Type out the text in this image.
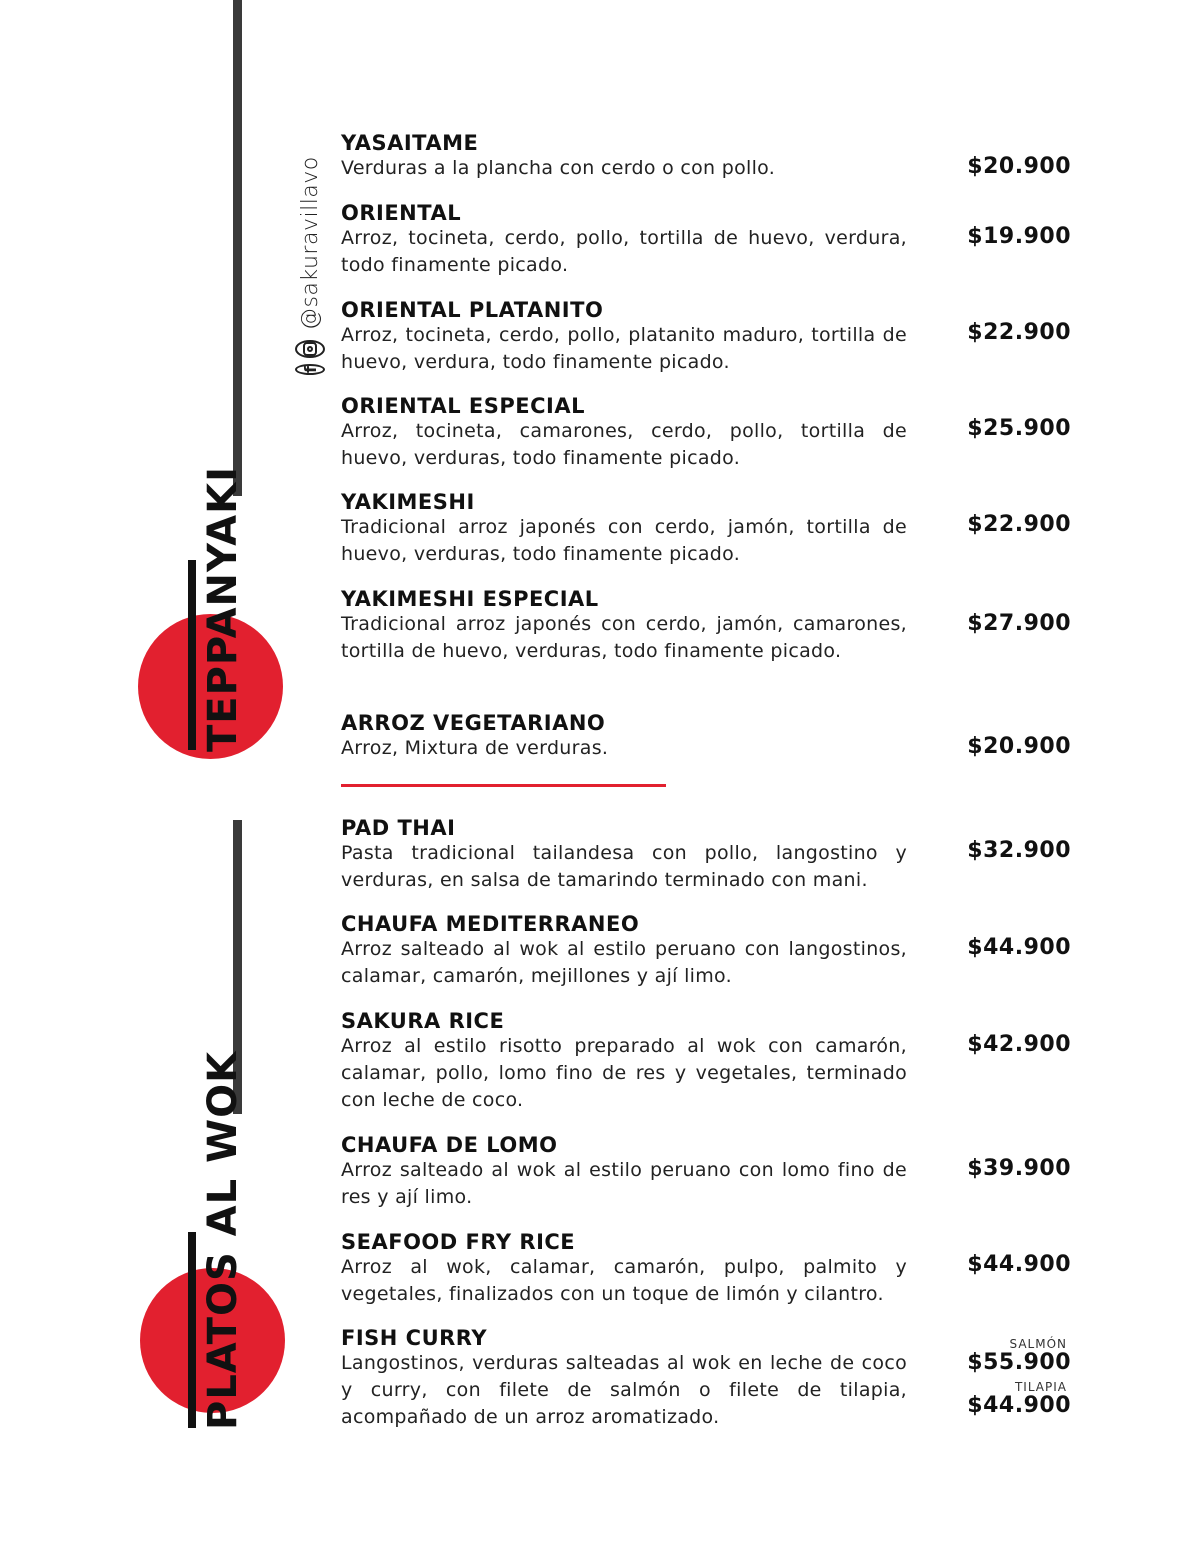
f
@sakuravillavo
TEPPANYAKI
PLATOS AL WOK
YASAITAME
Verduras a la plancha con cerdo o con pollo.	$20.900
ORIENTAL
Arroz, tocineta, cerdo, pollo, tortilla de huevo, verdura, todo finamente picado.
$19.900
ORIENTAL PLATANITO
Arroz, tocineta, cerdo, pollo, platanito maduro, tortilla de huevo, verdura, todo finamente picado.
$22.900
ORIENTAL ESPECIAL
Arroz, tocineta, camarones, cerdo, pollo, tortilla de huevo, verduras, todo finamente picado.
$25.900
YAKIMESHI
Tradicional arroz japonés con cerdo, jamón, tortilla de huevo, verduras, todo finamente picado.
$22.900
YAKIMESHI ESPECIAL
Tradicional arroz japonés con cerdo, jamón, camarones, tortilla de huevo, verduras, todo finamente picado.
$27.900
ARROZ VEGETARIANO
Arroz, Mixtura de verduras.	$20.900
PAD THAI
Pasta tradicional tailandesa con pollo, langostino y verduras, en salsa de tamarindo terminado con mani.
$32.900
CHAUFA MEDITERRANEO
Arroz salteado al wok al estilo peruano con langostinos, calamar, camarón, mejillones y ají limo.
$44.900
SAKURA RICE
Arroz al estilo risotto preparado al wok con camarón, calamar, pollo, lomo fino de res y vegetales, terminado con leche de coco.
$42.900
CHAUFA DE LOMO
Arroz salteado al wok al estilo peruano con lomo fino de res y ají limo.
$39.900
SEAFOOD FRY RICE
Arroz al wok, calamar, camarón, pulpo, palmito y vegetales, finalizados con un toque de limón y cilantro.
$44.900
FISH CURRY
Langostinos, verduras salteadas al wok en leche de coco y curry, con filete de salmón o filete de tilapia, acompañado de un arroz aromatizado.
SALMÓN
$55.900
TILAPIA
$44.900
